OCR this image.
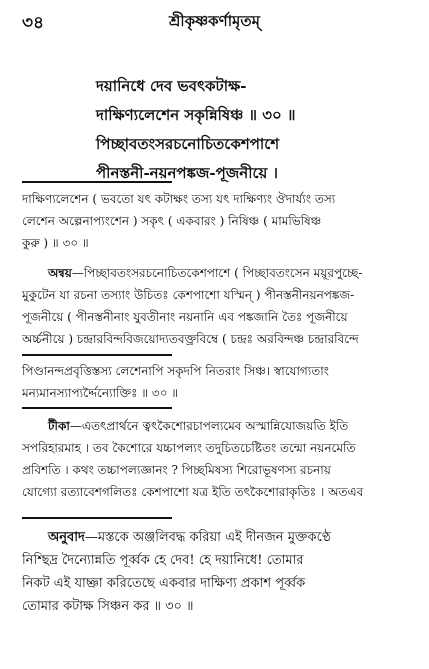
৩৪	শ্রীকৃষ্ণকর্ণামৃতম্
দয়ানিধে দেব ভবৎকটাক্ষ-
দাক্ষিণ্যলেশেন সকৃন্নিষিঞ্চ ॥ ৩০ ॥
পিচ্ছাবতংসরচনোচিতকেশপাশে
পীনস্তনী-নয়নপঙ্কজ-পূজনীয়ে ।
দাক্ষিণ্যলেশেন ( ভবতো যৎ কটাক্ষং তস্য যৎ দাক্ষিণ্যং ঔদার্য্যং তস্য
লেশেন অল্পেনাপ্যংশেন ) সকৃৎ ( একবারং ) নিষিঞ্চ ( মামভিষিঞ্চ
কুরু ) ॥ ৩০ ॥
অন্বয়—পিচ্ছাবতংসরচনোচিতকেশপাশে ( পিচ্ছাবতংসেন ময়ূরপুচ্ছে-
মুকুটেন যা রচনা তস্যাং উচিতঃ কেশপাশো যস্মিন্ ) পীনস্তনীনয়নপঙ্কজ-
পূজনীয়ে ( পীনস্তনীনাং যুবতীনাং নয়নানি এব পঙ্কজানি তৈঃ পূজনীয়ে
অর্চ্চনীয়ে ) চন্দ্রারবিন্দবিজয়োদ্যতবক্ত্রবিম্বে ( চন্দ্রঃ অরবিন্দঞ্চ চন্দ্রারবিন্দে
পিণ্ডানন্দপ্রবৃত্তিস্তস্য লেশেনাপি সকৃদপি নিতরাং সিঞ্চ। স্বাযোগ্যতাং
মন্যমানস্যাপ্যর্দ্দৈন্যোক্তিঃ ॥ ৩০ ॥
টীকা—এতৎপ্রার্থনে ত্বৎকৈশোরচাপল্যমেব অস্মান্নিযোজয়তি ইতি
সপরিহারমাহ । তব কৈশোরে যচ্চাপল্যং তদুচিতচেষ্টিতং তন্মো নয়নমেতি
প্রবিশতি । কথং তচ্চাপল্যজ্ঞানং ? পিচ্ছমিষস্য শিরোভূষণস্য রচনায়
যোগ্যো রত্যাবেশগলিতঃ কেশপাশো যত্র ইতি তৎকৈশোরাকৃতিঃ । অতএব
অনুবাদ—মস্তকে অঞ্জলিবদ্ধ করিয়া এই দীনজন মুক্তকণ্ঠে
নিশ্ছিদ্র দৈন্যোন্নতি পূর্ব্বক হে দেব! হে দয়ানিধে! তোমার
নিকট এই যাচ্ঞা করিতেছে একবার দাক্ষিণ্য প্রকাশ পূর্ব্বক
তোমার কটাক্ষ সিঞ্চন কর ॥ ৩০ ॥
